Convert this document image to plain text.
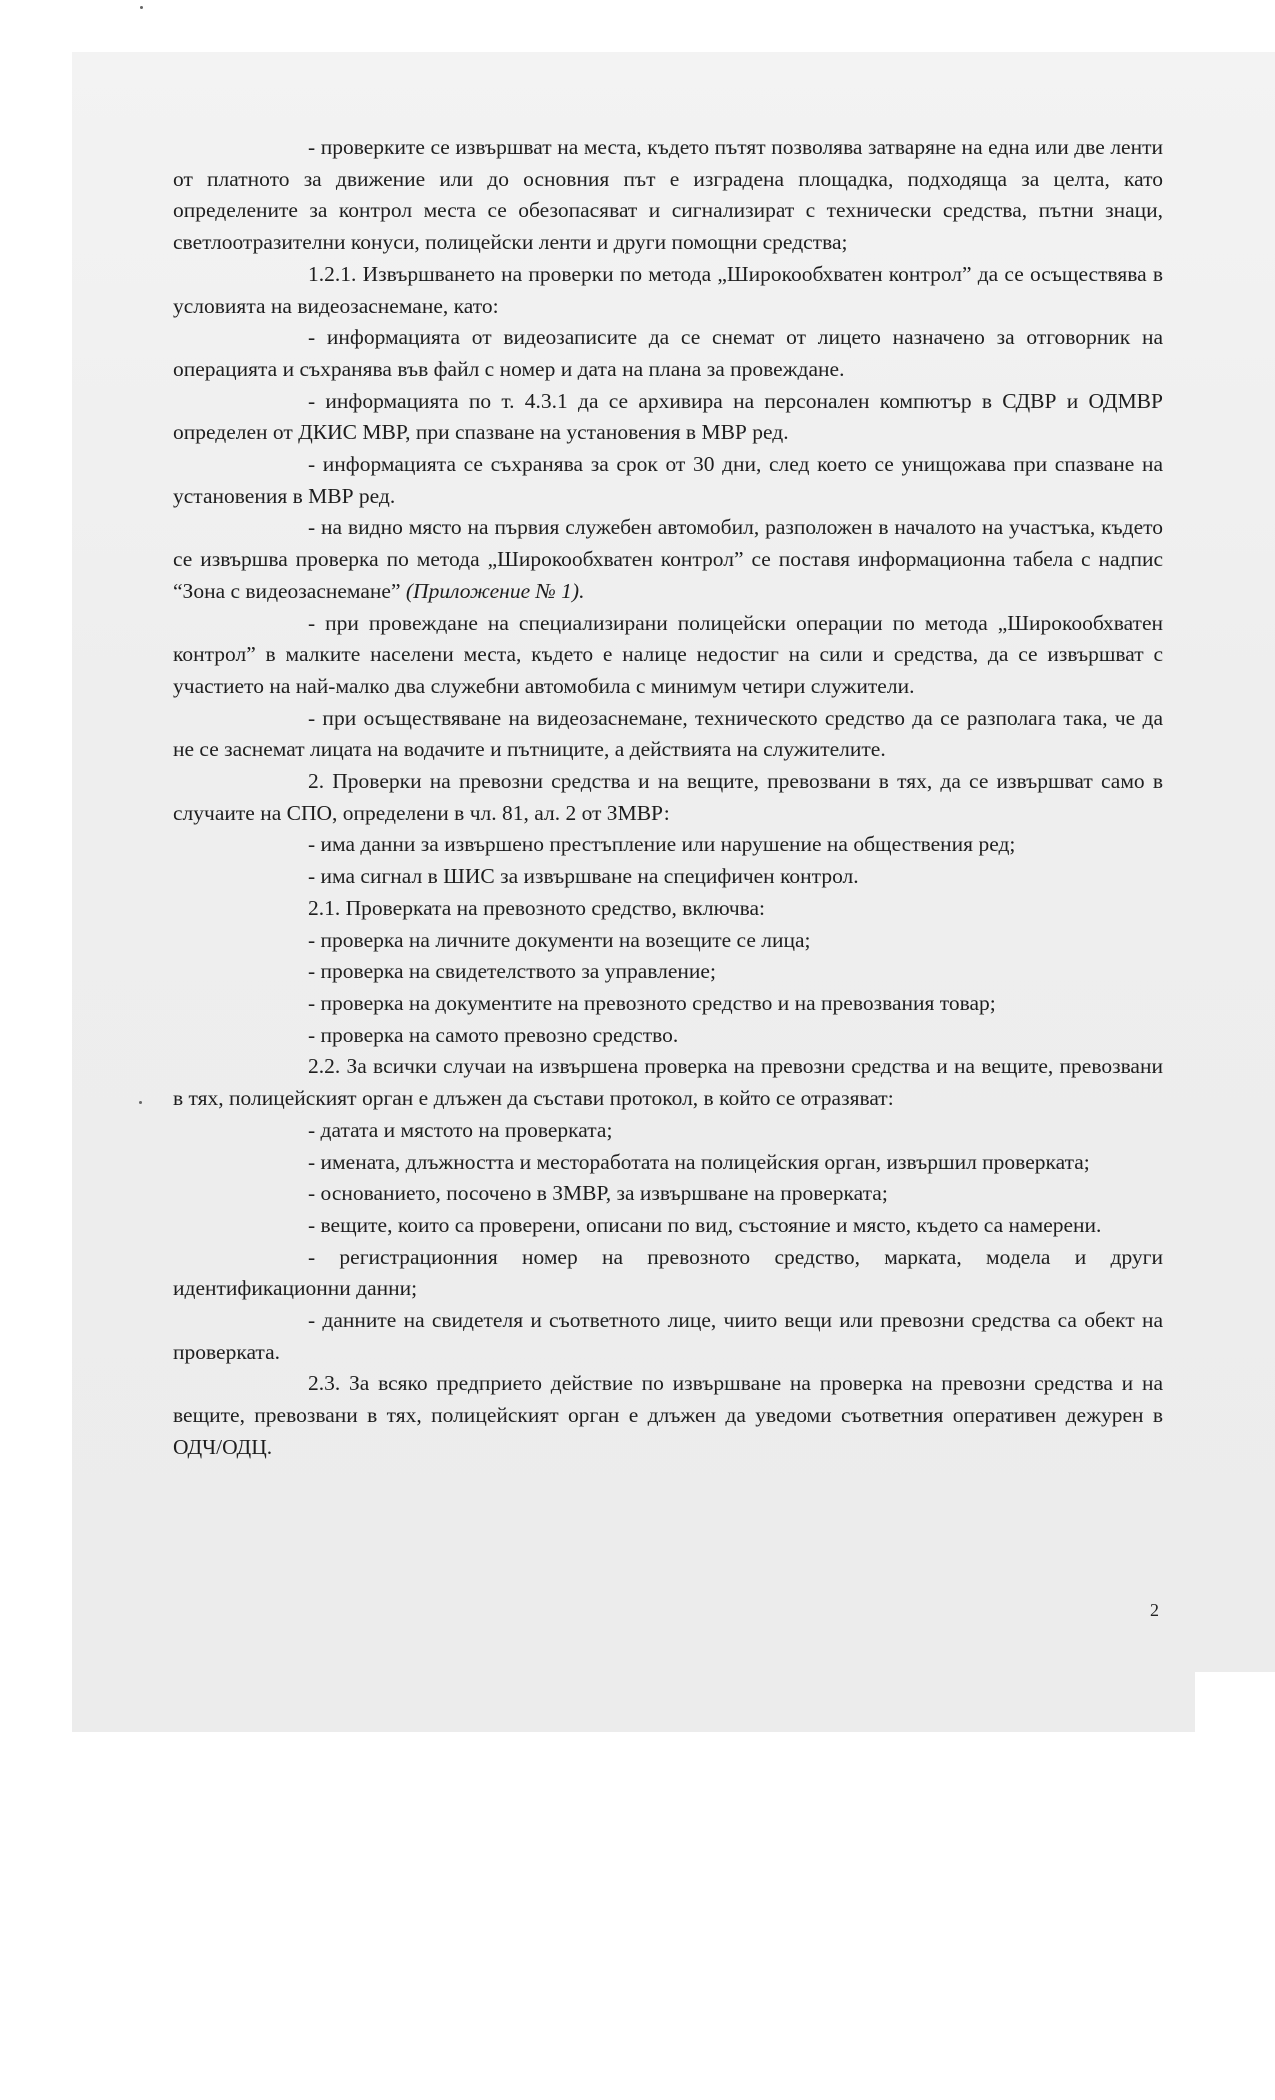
- проверките се извършват на места, където пътят позволява затваряне на една или две ленти от платното за движение или до основния път е изградена площадка, подходяща за целта, като определените за контрол места се обезопасяват и сигнализират с технически средства, пътни знаци, светлоотразителни конуси, полицейски ленти и други помощни средства;

1.2.1. Извършването на проверки по метода „Широкообхватен контрол” да се осъществява в условията на видеозаснемане, като:

- информацията от видеозаписите да се снемат от лицето назначено за отговорник на операцията и съхранява във файл с номер и дата на плана за провеждане.

- информацията по т. 4.3.1 да се архивира на персонален компютър в СДВР и ОДМВР определен от ДКИС МВР, при спазване на установения в МВР ред.

- информацията се съхранява за срок от 30 дни, след което се унищожава при спазване на установения в МВР ред.

- на видно място на първия служебен автомобил, разположен в началото на участъка, където се извършва проверка по метода „Широкообхватен контрол” се поставя информационна табела с надпис “Зона с видеозаснемане” (Приложение № 1).

- при провеждане на специализирани полицейски операции по метода „Широкообхватен контрол” в малките населени места, където е налице недостиг на сили и средства, да се извършват с участието на най-малко два служебни автомобила с минимум четири служители.

- при осъществяване на видеозаснемане, техническото средство да се разполага така, че да не се заснемат лицата на водачите и пътниците, а действията на служителите.

2. Проверки на превозни средства и на вещите, превозвани в тях, да се извършват само в случаите на СПО, определени в чл. 81, ал. 2 от ЗМВР:

- има данни за извършено престъпление или нарушение на обществения ред;

- има сигнал в ШИС за извършване на специфичен контрол.

2.1. Проверката на превозното средство, включва:

- проверка на личните документи на возещите се лица;

- проверка на свидетелството за управление;

- проверка на документите на превозното средство и на превозвания товар;

- проверка на самото превозно средство.

2.2. За всички случаи на извършена проверка на превозни средства и на вещите, превозвани в тях, полицейският орган е длъжен да състави протокол, в който се отразяват:

- датата и мястото на проверката;

- имената, длъжността и местоработата на полицейския орган, извършил проверката;

- основанието, посочено в ЗМВР, за извършване на проверката;

- вещите, които са проверени, описани по вид, състояние и място, където са намерени.

- регистрационния номер на превозното средство, марката, модела и други идентификационни данни;

- данните на свидетеля и съответното лице, чиито вещи или превозни средства са обект на проверката.

2.3. За всяко предприето действие по извършване на проверка на превозни средства и на вещите, превозвани в тях, полицейският орган е длъжен да уведоми съответния оперативен дежурен в ОДЧ/ОДЦ.

2
